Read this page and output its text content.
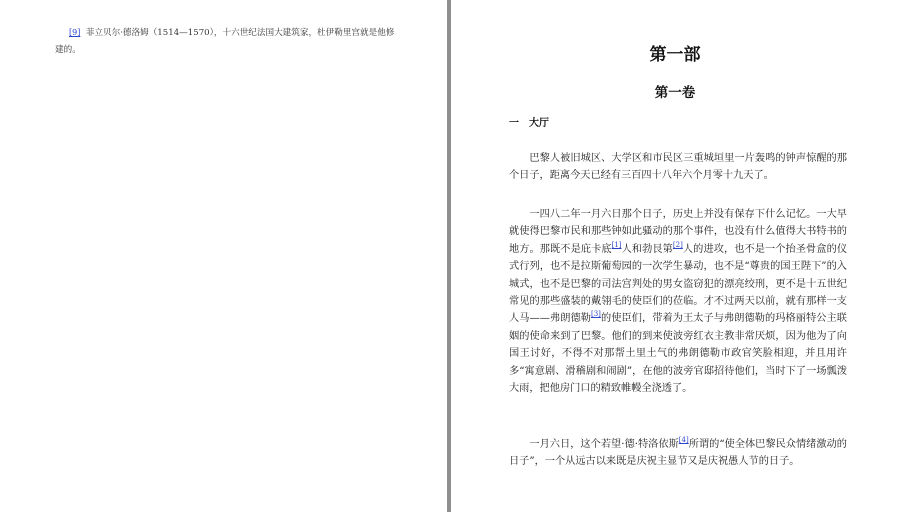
[9] 菲立贝尔·德洛姆（1514—1570），十六世纪法国大建筑家，杜伊勒里宫就是他修建的。	第一部
第一卷
一　大厅

巴黎人被旧城区、大学区和市民区三重城垣里一片轰鸣的钟声惊醒的那个日子，距离今天已经有三百四十八年六个月零十九天了。

一四八二年一月六日那个日子，历史上并没有保存下什么记忆。一大早就使得巴黎市民和那些钟如此骚动的那个事件，也没有什么值得大书特书的地方。那既不是庇卡底[1]人和勃艮第[2]人的进攻，也不是一个抬圣骨盒的仪式行列，也不是拉斯葡萄园的一次学生暴动，也不是“尊贵的国王陛下”的入城式，也不是巴黎的司法宫判处的男女盗窃犯的漂亮绞刑，更不是十五世纪常见的那些盛装的戴翎毛的使臣们的莅临。才不过两天以前，就有那样一支人马——弗朗德勒[3]的使臣们，带着为王太子与弗朗德勒的玛格丽特公主联姻的使命来到了巴黎。他们的到来使波旁红衣主教非常厌烦，因为他为了向国王讨好，不得不对那帮土里土气的弗朗德勒市政官笑脸相迎，并且用许多“寓意剧、滑稽剧和闹剧”，在他的波旁官邸招待他们，当时下了一场瓢泼大雨，把他房门口的精致帷幔全浇透了。

一月六日，这个若望·德·特洛依斯[4]所谓的“使全体巴黎民众情绪激动的日子”，一个从远古以来既是庆祝主显节又是庆祝愚人节的日子。
